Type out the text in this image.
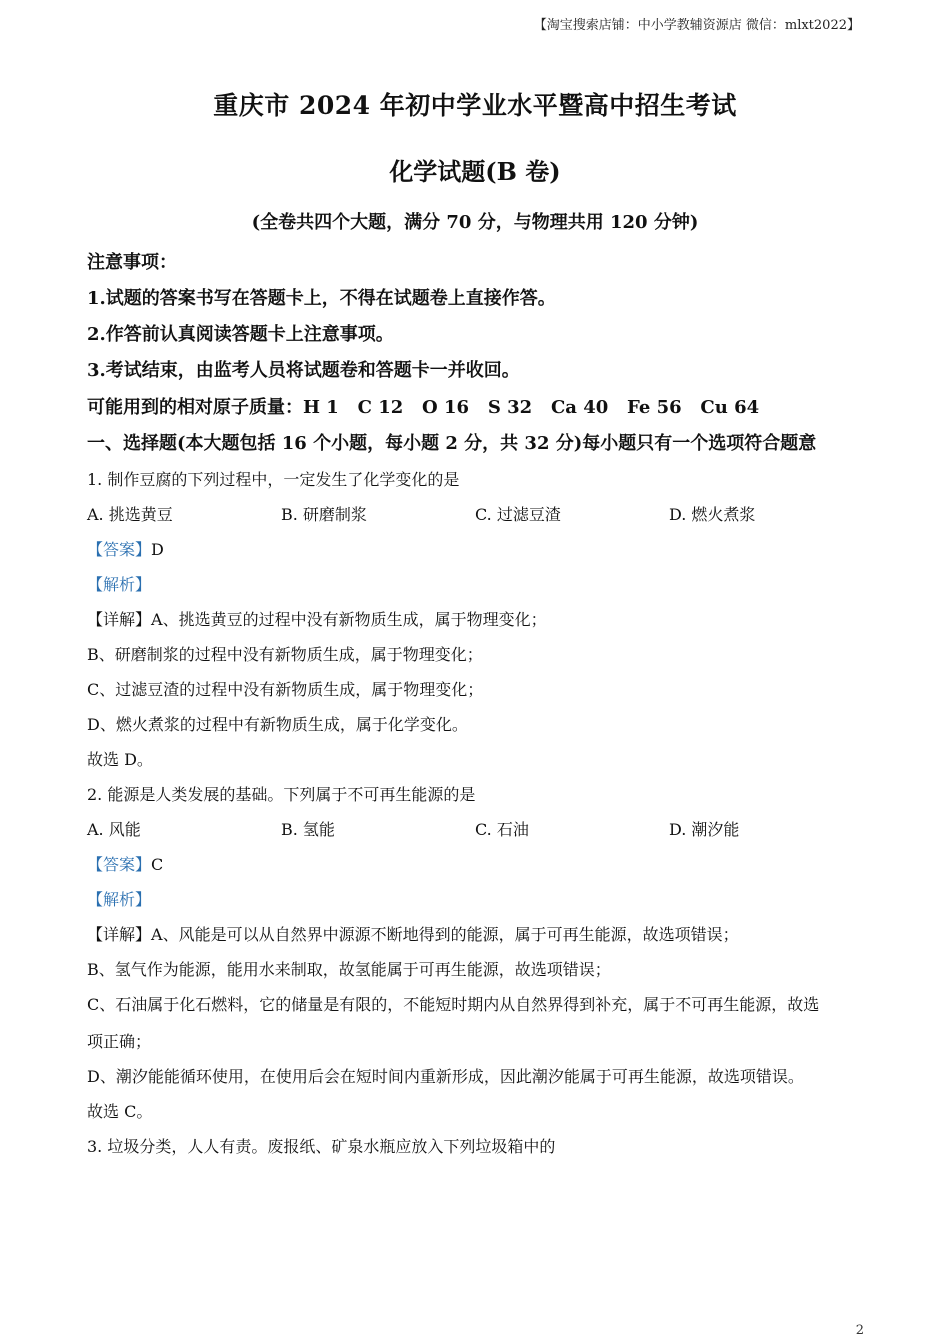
【淘宝搜索店铺：中小学教辅资源店 微信：mlxt2022】
重庆市 2024 年初中学业水平暨高中招生考试
化学试题(B 卷)
(全卷共四个大题，满分 70 分，与物理共用 120 分钟)
注意事项：
1.试题的答案书写在答题卡上，不得在试题卷上直接作答。
2.作答前认真阅读答题卡上注意事项。
3.考试结束，由监考人员将试题卷和答题卡一并收回。
可能用到的相对原子质量：H 1   C 12   O 16   S 32   Ca 40   Fe 56   Cu 64
一、选择题(本大题包括 16 个小题，每小题 2 分，共 32 分)每小题只有一个选项符合题意
1. 制作豆腐的下列过程中，一定发生了化学变化的是
A. 挑选黄豆	B. 研磨制浆	C. 过滤豆渣	D. 燃火煮浆
【答案】D
【解析】
【详解】A、挑选黄豆的过程中没有新物质生成，属于物理变化；
B、研磨制浆的过程中没有新物质生成，属于物理变化；
C、过滤豆渣的过程中没有新物质生成，属于物理变化；
D、燃火煮浆的过程中有新物质生成，属于化学变化。
故选 D。
2. 能源是人类发展的基础。下列属于不可再生能源的是
A. 风能	B. 氢能	C. 石油	D. 潮汐能
【答案】C
【解析】
【详解】A、风能是可以从自然界中源源不断地得到的能源，属于可再生能源，故选项错误；
B、氢气作为能源，能用水来制取，故氢能属于可再生能源，故选项错误；
C、石油属于化石燃料，它的储量是有限的，不能短时期内从自然界得到补充，属于不可再生能源，故选
项正确；
D、潮汐能能循环使用，在使用后会在短时间内重新形成，因此潮汐能属于可再生能源，故选项错误。
故选 C。
3. 垃圾分类，人人有责。废报纸、矿泉水瓶应放入下列垃圾箱中的
2
